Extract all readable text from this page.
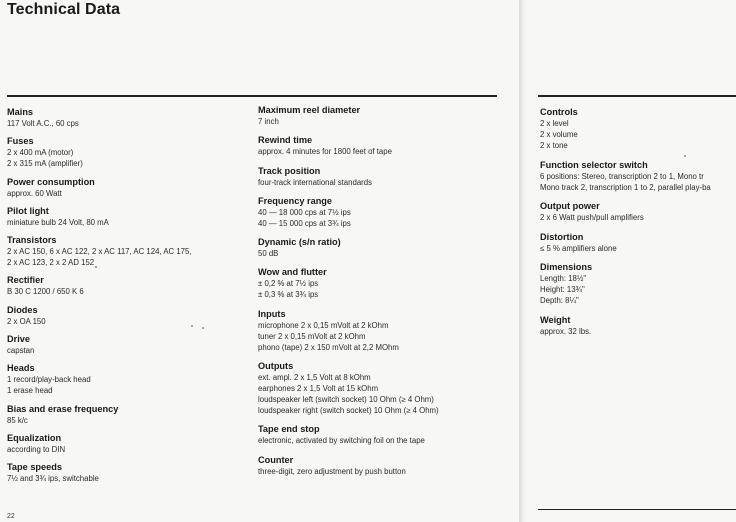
Technical Data
Mains
117 Volt A.C., 60 cps
Fuses
2 x 400 mA (motor)
2 x 315 mA (amplifier)
Power consumption
approx. 60 Watt
Pilot light
miniature bulb 24 Volt, 80 mA
Transistors
2 x AC 150, 6 x AC 122, 2 x AC 117, AC 124, AC 175,
2 x AC 123, 2 x 2 AD 152
Rectifier
B 30 C 1200 / 650 K 6
Diodes
2 x OA 150
Drive
capstan
Heads
1 record/play-back head
1 erase head
Bias and erase frequency
85 k/c
Equalization
according to DIN
Tape speeds
7½ and 3¾ ips, switchable
Maximum reel diameter
7 inch
Rewind time
approx. 4 minutes for 1800 feet of tape
Track position
four-track international standards
Frequency range
40 — 18 000 cps at 7½ ips
40 — 15 000 cps at 3¾ ips
Dynamic (s/n ratio)
50 dB
Wow and flutter
± 0,2 % at 7½ ips
± 0,3 % at 3¾ ips
Inputs
microphone 2 x 0,15 mVolt at 2 kOhm
tuner 2 x 0,15 mVolt at 2 kOhm
phono (tape) 2 x 150 mVolt at 2,2 MOhm
Outputs
ext. ampl. 2 x 1,5 Volt at 8 kOhm
earphones 2 x 1,5 Volt at 15 kOhm
loudspeaker left (switch socket) 10 Ohm (≥ 4 Ohm)
loudspeaker right (switch socket) 10 Ohm (≥ 4 Ohm)
Tape end stop
electronic, activated by switching foil on the tape
Counter
three-digit, zero adjustment by push button
22
Controls
2 x level
2 x volume
2 x tone
Function selector switch
6 positions: Stereo, transcription 2 to 1, Mono tr
Mono track 2, transcription 1 to 2, parallel play-ba
Output power
2 x 6 Watt push/pull amplifiers
Distortion
≤ 5 % amplifiers alone
Dimensions
Length: 18½"
Height: 13¾"
Depth: 8¼"
Weight
approx. 32 lbs.
